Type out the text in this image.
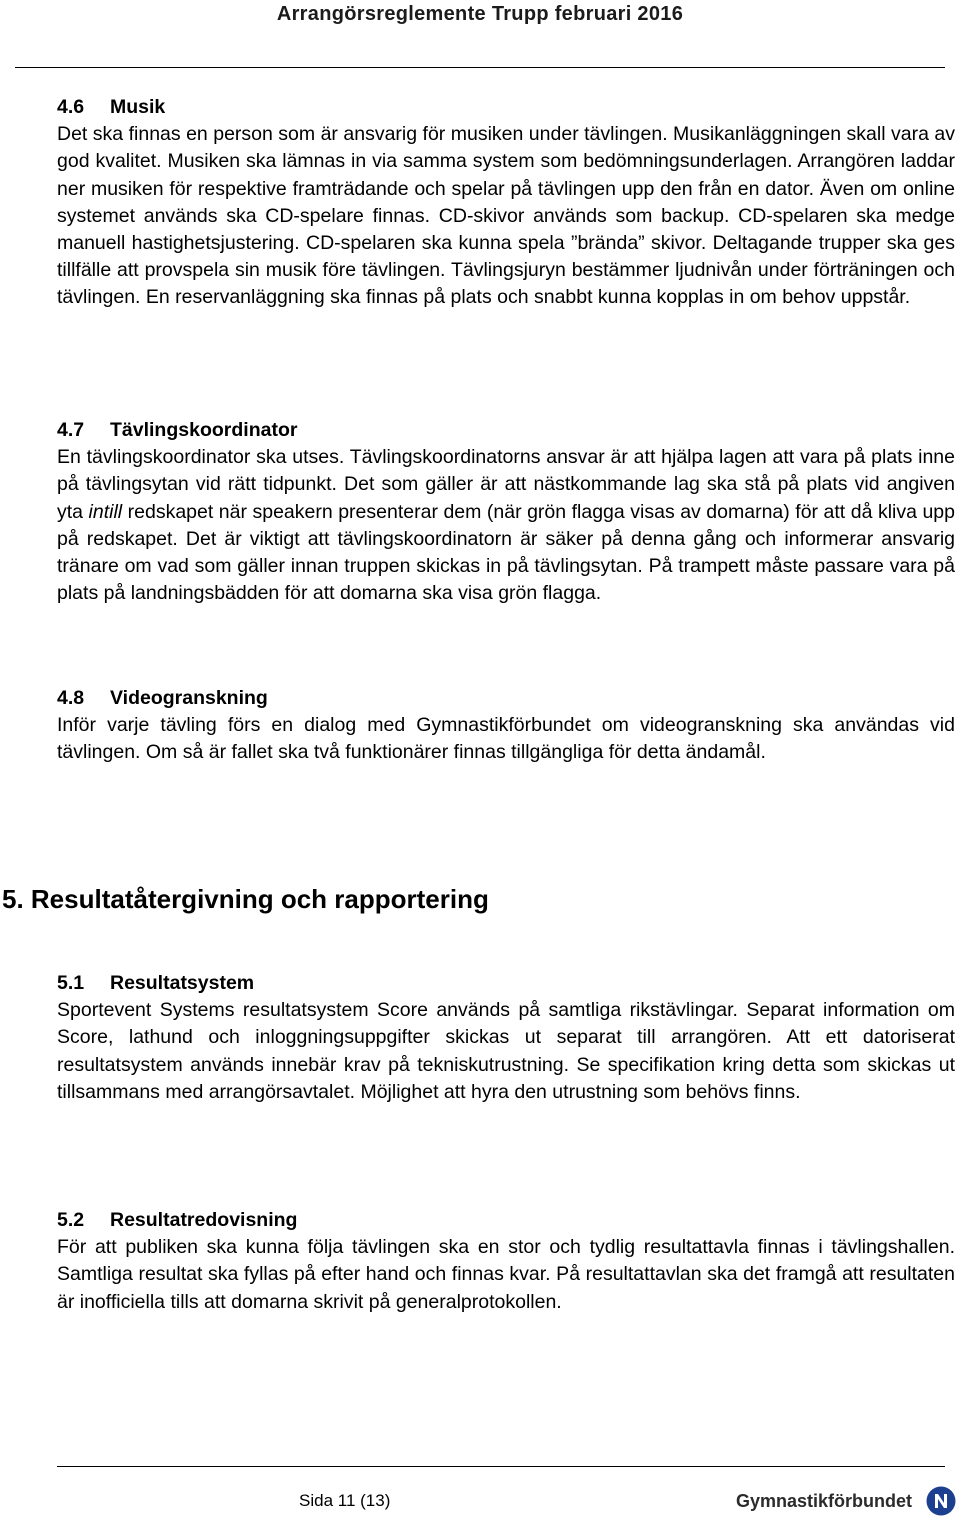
Arrangörsreglemente Trupp februari 2016
4.6 Musik
Det ska finnas en person som är ansvarig för musiken under tävlingen. Musikanläggningen skall vara av god kvalitet. Musiken ska lämnas in via samma system som bedömningsunderlagen. Arrangören laddar ner musiken för respektive framträdande och spelar på tävlingen upp den från en dator. Även om online systemet används ska CD-spelare finnas. CD-skivor används som backup. CD-spelaren ska medge manuell hastighetsjustering. CD-spelaren ska kunna spela ”brända” skivor. Deltagande trupper ska ges tillfälle att provspela sin musik före tävlingen. Tävlingsjuryn bestämmer ljudnivån under förträningen och tävlingen. En reservanläggning ska finnas på plats och snabbt kunna kopplas in om behov uppstår.
4.7 Tävlingskoordinator
En tävlingskoordinator ska utses. Tävlingskoordinatorns ansvar är att hjälpa lagen att vara på plats inne på tävlingsytan vid rätt tidpunkt. Det som gäller är att nästkommande lag ska stå på plats vid angiven yta intill redskapet när speakern presenterar dem (när grön flagga visas av domarna) för att då kliva upp på redskapet. Det är viktigt att tävlingskoordinatorn är säker på denna gång och informerar ansvarig tränare om vad som gäller innan truppen skickas in på tävlingsytan. På trampett måste passare vara på plats på landningsbädden för att domarna ska visa grön flagga.
4.8 Videogranskning
Inför varje tävling förs en dialog med Gymnastikförbundet om videogranskning ska användas vid tävlingen. Om så är fallet ska två funktionärer finnas tillgängliga för detta ändamål.
5. Resultatåtergivning och rapportering
5.1 Resultatsystem
Sportevent Systems resultatsystem Score används på samtliga rikstävlingar. Separat information om Score, lathund och inloggningsuppgifter skickas ut separat till arrangören. Att ett datoriserat resultatsystem används innebär krav på tekniskutrustning. Se specifikation kring detta som skickas ut tillsammans med arrangörsavtalet. Möjlighet att hyra den utrustning som behövs finns.
5.2 Resultatredovisning
För att publiken ska kunna följa tävlingen ska en stor och tydlig resultattavla finnas i tävlingshallen. Samtliga resultat ska fyllas på efter hand och finnas kvar. På resultattavlan ska det framgå att resultaten är inofficiella tills att domarna skrivit på generalprotokollen.
Sida 11 (13)	Gymnastikförbundet
